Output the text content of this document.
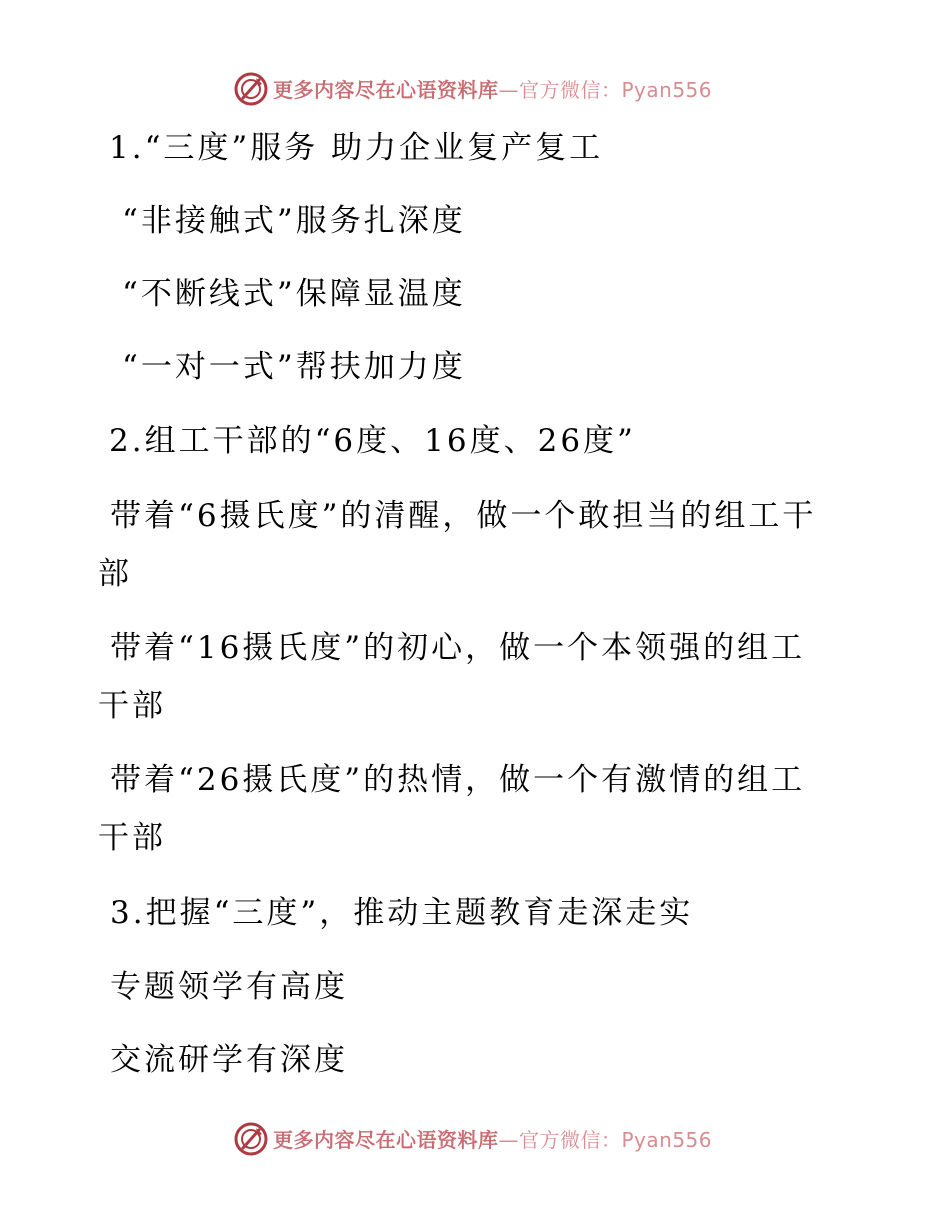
更多内容尽在心语资料库—官方微信：Pyan556
1.“三度”服务 助力企业复产复工
“非接触式”服务扎深度
“不断线式”保障显温度
“一对一式”帮扶加力度
2.组工干部的“6度、16度、26度”
带着“6摄氏度”的清醒，做一个敢担当的组工干
部
带着“16摄氏度”的初心，做一个本领强的组工
干部
带着“26摄氏度”的热情，做一个有激情的组工
干部
3.把握“三度”，推动主题教育走深走实
专题领学有高度
交流研学有深度
更多内容尽在心语资料库—官方微信：Pyan556
